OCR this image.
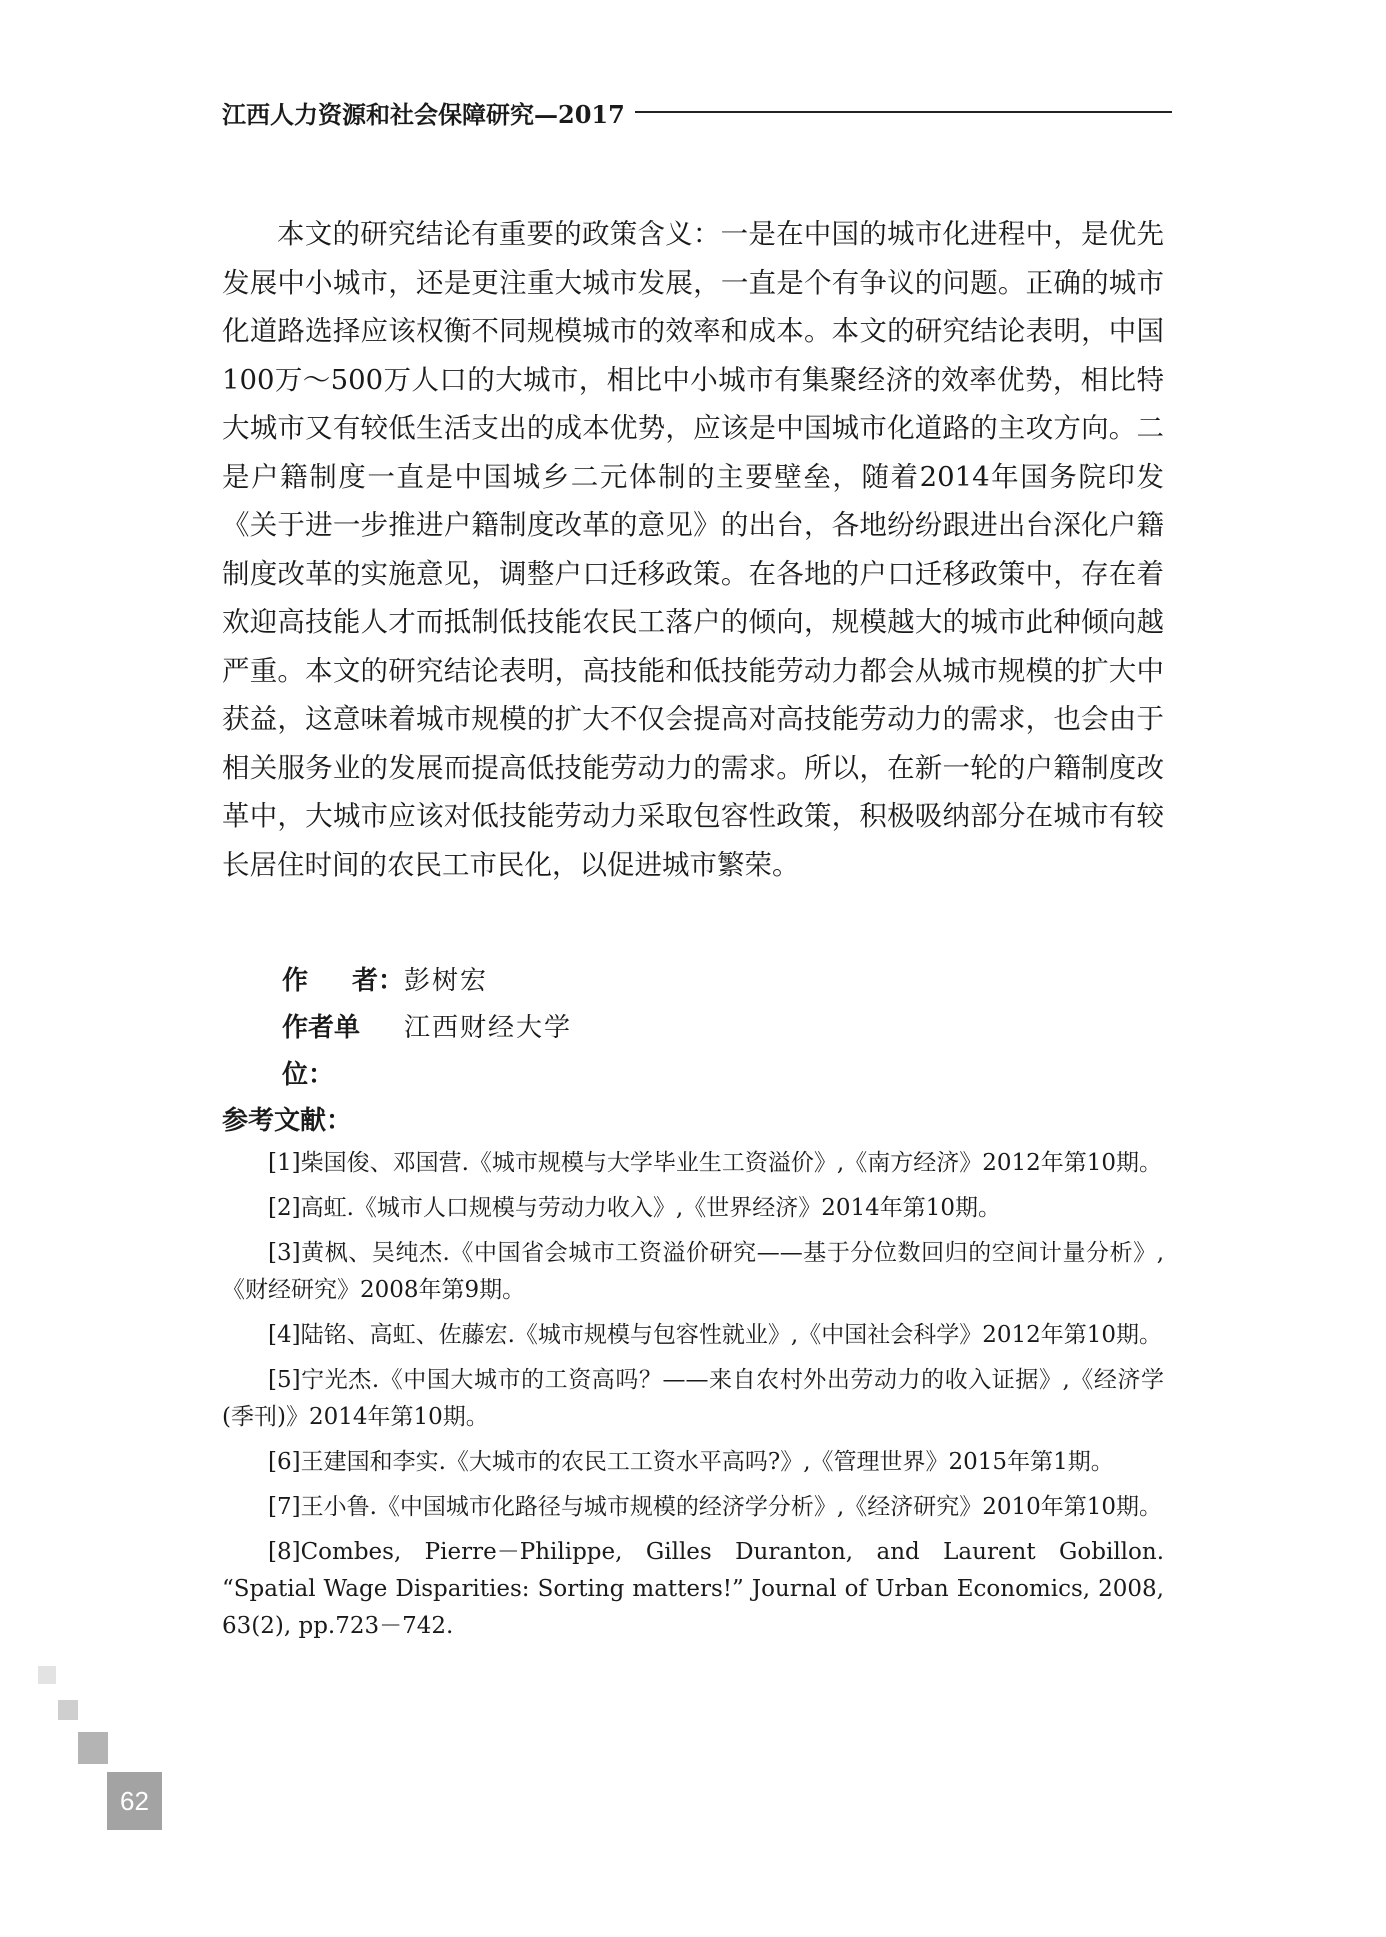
江西人力资源和社会保障研究—2017

本文的研究结论有重要的政策含义：一是在中国的城市化进程中，是优先发展中小城市，还是更注重大城市发展，一直是个有争议的问题。正确的城市化道路选择应该权衡不同规模城市的效率和成本。本文的研究结论表明，中国100万～500万人口的大城市，相比中小城市有集聚经济的效率优势，相比特大城市又有较低生活支出的成本优势，应该是中国城市化道路的主攻方向。二是户籍制度一直是中国城乡二元体制的主要壁垒，随着2014年国务院印发《关于进一步推进户籍制度改革的意见》的出台，各地纷纷跟进出台深化户籍制度改革的实施意见，调整户口迁移政策。在各地的户口迁移政策中，存在着欢迎高技能人才而抵制低技能农民工落户的倾向，规模越大的城市此种倾向越严重。本文的研究结论表明，高技能和低技能劳动力都会从城市规模的扩大中获益，这意味着城市规模的扩大不仅会提高对高技能劳动力的需求，也会由于相关服务业的发展而提高低技能劳动力的需求。所以，在新一轮的户籍制度改革中，大城市应该对低技能劳动力采取包容性政策，积极吸纳部分在城市有较长居住时间的农民工市民化，以促进城市繁荣。

作 者： 彭树宏
作者单位：
江西财经大学
参考文献：

[1]柴国俊、邓国营.《城市规模与大学毕业生工资溢价》,《南方经济》2012年第10期。

[2]高虹.《城市人口规模与劳动力收入》,《世界经济》2014年第10期。

[3]黄枫、吴纯杰.《中国省会城市工资溢价研究——基于分位数回归的空间计量分析》,《财经研究》2008年第9期。

[4]陆铭、高虹、佐藤宏.《城市规模与包容性就业》,《中国社会科学》2012年第10期。

[5]宁光杰.《中国大城市的工资高吗？——来自农村外出劳动力的收入证据》,《经济学(季刊)》2014年第10期。

[6]王建国和李实.《大城市的农民工工资水平高吗?》,《管理世界》2015年第1期。

[7]王小鲁.《中国城市化路径与城市规模的经济学分析》,《经济研究》2010年第10期。

[8]Combes, Pierre－Philippe, Gilles Duranton, and Laurent Gobillon. “Spatial Wage Disparities: Sorting matters!” Journal of Urban Economics, 2008, 63(2), pp.723－742.

62
